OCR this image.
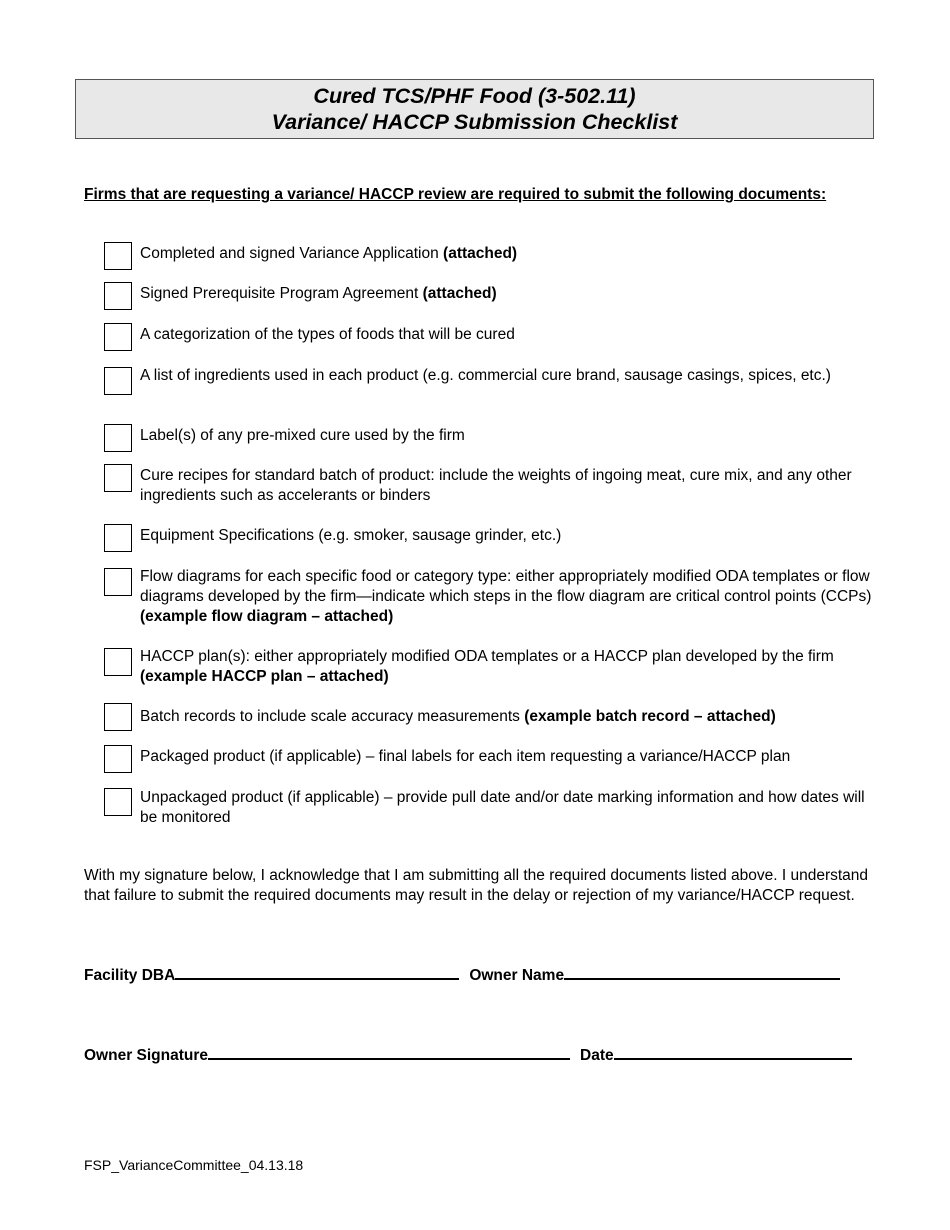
Cured TCS/PHF Food (3-502.11)
Variance/ HACCP Submission Checklist
Firms that are requesting a variance/ HACCP review are required to submit the following documents:
Completed and signed Variance Application (attached)
Signed Prerequisite Program Agreement (attached)
A categorization of the types of foods that will be cured
A list of ingredients used in each product (e.g. commercial cure brand, sausage casings, spices, etc.)
Label(s) of any pre-mixed cure used by the firm
Cure recipes for standard batch of product: include the weights of ingoing meat, cure mix, and any other ingredients such as accelerants or binders
Equipment Specifications (e.g. smoker, sausage grinder, etc.)
Flow diagrams for each specific food or category type: either appropriately modified ODA templates or flow diagrams developed by the firm—indicate which steps in the flow diagram are critical control points (CCPs) (example flow diagram – attached)
HACCP plan(s): either appropriately modified ODA templates or a HACCP plan developed by the firm (example HACCP plan – attached)
Batch records to include scale accuracy measurements (example batch record – attached)
Packaged product (if applicable) – final labels for each item requesting a variance/HACCP plan
Unpackaged product (if applicable) – provide pull date and/or date marking information and how dates will be monitored
With my signature below, I acknowledge that I am submitting all the required documents listed above. I understand that failure to submit the required documents may result in the delay or rejection of my variance/HACCP request.
Facility DBA	Owner Name
Owner Signature	Date
FSP_VarianceCommittee_04.13.18
